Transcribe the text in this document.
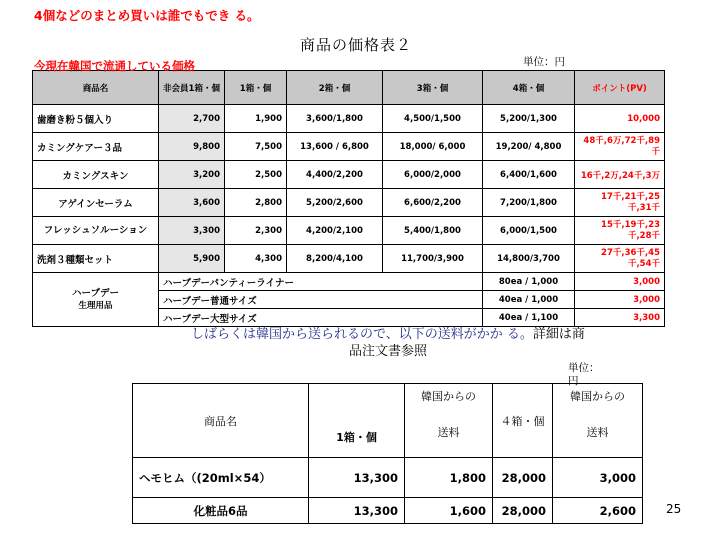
4個などのまとめ買いは誰でもでき る。
商品の価格表２
単位：円
商品名	非会員1箱・個	1箱・個	2箱・個	3箱・個	4箱・個	ポイント(PV)
歯磨き粉５個入り	2,700	1,900	3,600/1,800	4,500/1,500	5,200/1,300	10,000
カミングケアー３品	9,800	7,500	13,600 / 6,800	18,000/ 6,000	19,200/ 4,800	48千,6万,72千,89千

カミングスキン	3,200	2,500	4,400/2,200	6,000/2,000	6,400/1,600	16千,2万,24千,3万
アゲインセーラム	3,600	2,800	5,200/2,600	6,600/2,200	7,200/1,800	17千,21千,25千,31千

フレッシュソルーション	3,300	2,300	4,200/2,100	5,400/1,800	6,000/1,500	15千,19千,23千,28千

洗剤３種類セット	5,900	4,300	8,200/4,100	11,700/3,900	14,800/3,700	27千,36千,45千,54千

ハーブデー
生理用品	ハーブデーパンティーライナー				80ea / 1,000	3,000
	ハーブデー普通サイズ				40ea / 1,000	3,000
	ハーブデー大型サイズ				40ea / 1,100	3,300
今現在韓国で流通している価格
しばらくは韓国から送られるので、以下の送料がかか る。詳細は商品注文書参照
単位：円
商品名	1箱・個	韓国からの	４箱・個	韓国からの
		送料		送料
ヘモヒム（(20ml×54）	13,300	1,800	28,000	3,000
化粧品6品	13,300	1,600	28,000	2,600	25
